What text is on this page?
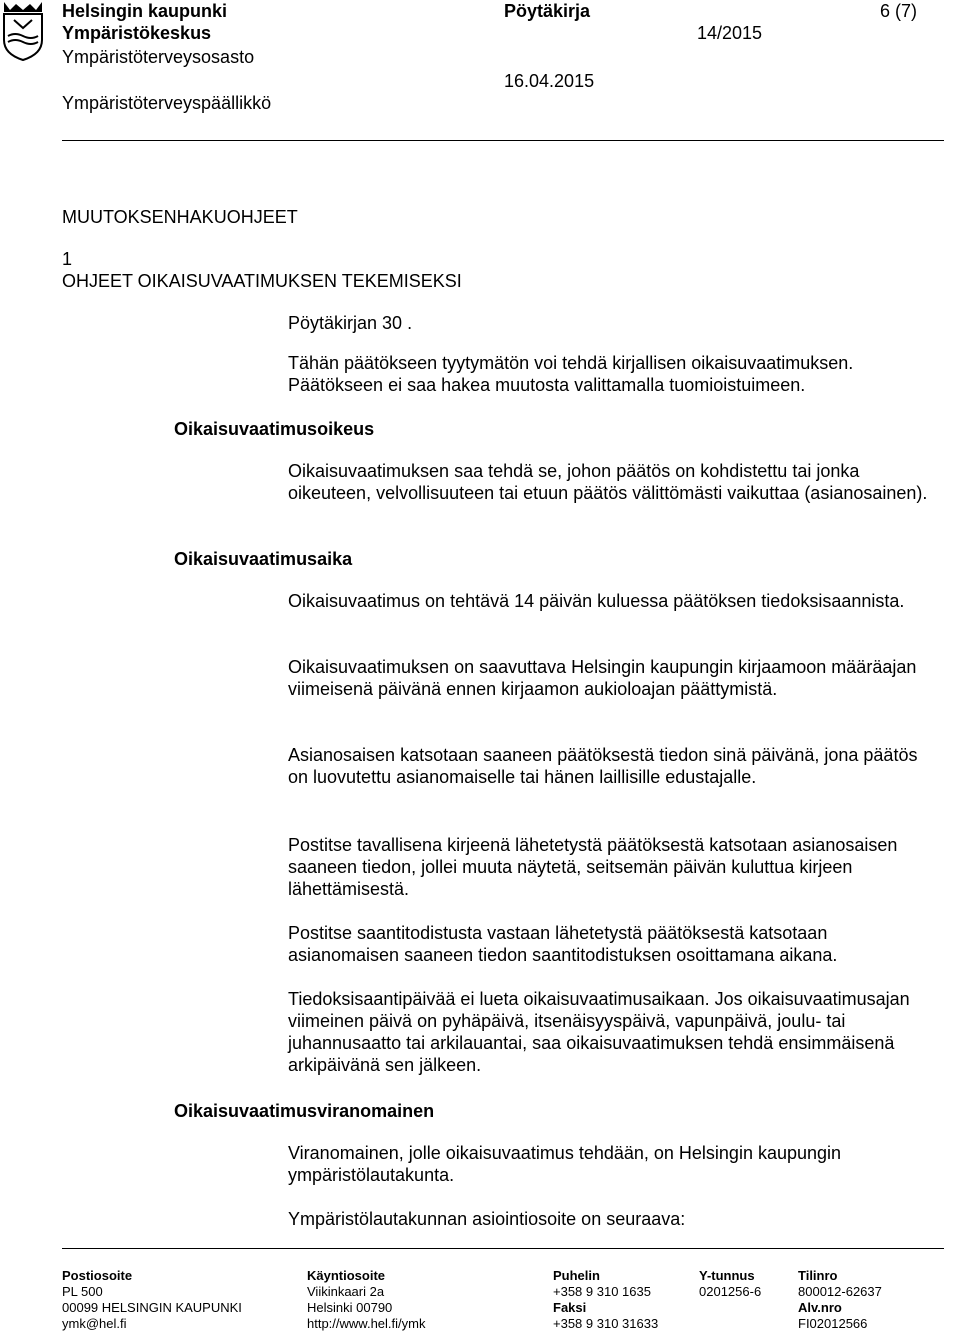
Helsingin kaupunki
Ympäristökeskus
Ympäristöterveysosasto
Ympäristöterveyspäällikkö
Pöytäkirja
14/2015
16.04.2015
6 (7)
MUUTOKSENHAKUOHJEET
1
OHJEET OIKAISUVAATIMUKSEN TEKEMISEKSI
Pöytäkirjan 30 .

Tähän päätökseen tyytymätön voi tehdä kirjallisen oikaisuvaatimuksen. Päätökseen ei saa hakea muutosta valittamalla tuomioistuimeen.

Oikaisuvaatimusoikeus

Oikaisuvaatimuksen saa tehdä se, johon päätös on kohdistettu tai jonka oikeuteen, velvollisuuteen tai etuun päätös välittömästi vaikuttaa (asianosainen).

Oikaisuvaatimusaika

Oikaisuvaatimus on tehtävä 14 päivän kuluessa päätöksen tiedoksisaannista.

Oikaisuvaatimuksen on saavuttava Helsingin kaupungin kirjaamoon määräajan viimeisenä päivänä ennen kirjaamon aukioloajan päättymistä.

Asianosaisen katsotaan saaneen päätöksestä tiedon sinä päivänä, jona päätös on luovutettu asianomaiselle tai hänen laillisille edustajalle.

Postitse tavallisena kirjeenä lähetetystä päätöksestä katsotaan asianosaisen saaneen tiedon, jollei muuta näytetä, seitsemän päivän kuluttua kirjeen lähettämisestä.

Postitse saantitodistusta vastaan lähetetystä päätöksestä katsotaan asianomaisen saaneen tiedon saantitodistuksen osoittamana aikana.

Tiedoksisaantipäivää ei lueta oikaisuvaatimusaikaan. Jos oikaisuvaatimusajan viimeinen päivä on pyhäpäivä, itsenäisyyspäivä, vapunpäivä, joulu- tai juhannusaatto tai arkilauantai, saa oikaisuvaatimuksen tehdä ensimmäisenä arkipäivänä sen jälkeen.

Oikaisuvaatimusviranomainen

Viranomainen, jolle oikaisuvaatimus tehdään, on Helsingin kaupungin ympäristölautakunta.

Ympäristölautakunnan asiointiosoite on seuraava:

Postiosoite
PL 500
00099 HELSINGIN KAUPUNKI
ymk@hel.fi
Käyntiosoite
Viikinkaari 2a
Helsinki 00790
http://www.hel.fi/ymk
Puhelin
+358 9 310 1635
Faksi
+358 9 310 31633
Y-tunnus
0201256-6
Tilinro
800012-62637
Alv.nro
FI02012566
